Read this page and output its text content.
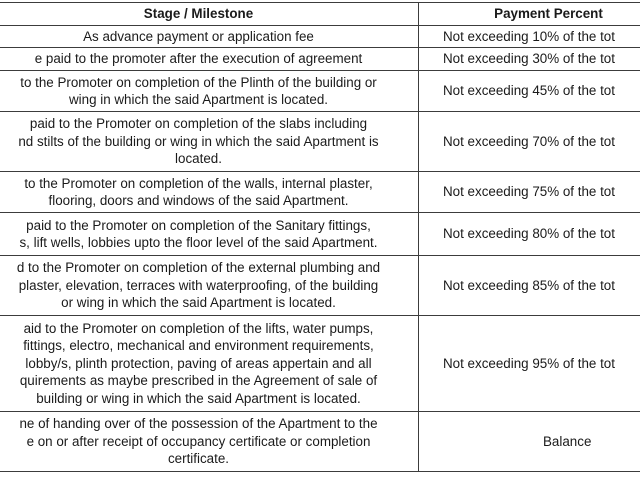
Stage / Milestone	Payment Percent

As advance payment or application fee	Not exceeding 10% of the tot

e paid to the promoter after the execution of agreement	Not exceeding 30% of the tot

to the Promoter on completion of the Plinth of the building or
wing in which the said Apartment is located.	Not exceeding 45% of the tot

paid to the Promoter on completion of the slabs including
nd stilts of the building or wing in which the said Apartment is
located.	Not exceeding 70% of the tot

to the Promoter on completion of the walls, internal plaster,
flooring, doors and windows of the said Apartment.	Not exceeding 75% of the tot

paid to the Promoter on completion of the Sanitary fittings,
s, lift wells, lobbies upto the floor level of the said Apartment.	Not exceeding 80% of the tot

d to the Promoter on completion of the external plumbing and
plaster, elevation, terraces with waterproofing, of the building
or wing in which the said Apartment is located.	Not exceeding 85% of the tot

aid to the Promoter on completion of the lifts, water pumps,
fittings, electro, mechanical and environment requirements,
lobby/s, plinth protection, paving of areas appertain and all
quirements as maybe prescribed in the Agreement of sale of
building or wing in which the said Apartment is located.	Not exceeding 95% of the tot

ne of handing over of the possession of the Apartment to the
e on or after receipt of occupancy certificate or completion
certificate.	Balance
